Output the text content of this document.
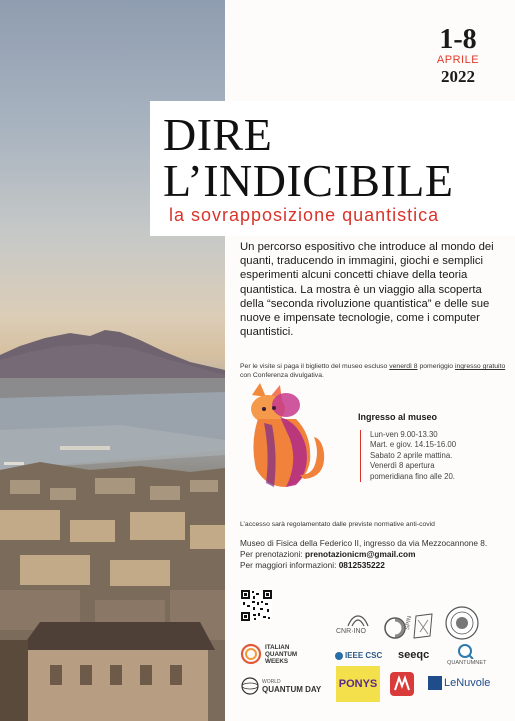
1-8
APRILE
2022
DIRE
L’INDICIBILE
la sovrapposizione quantistica
Un percorso espositivo che introduce al mondo dei quanti, traducendo in immagini, giochi e semplici esperimenti alcuni concetti chiave della teoria quantistica. La mostra è un viaggio alla scoperta della “seconda rivoluzione quantistica” e delle sue nuove e impensate tecnologie, come i computer quantistici.
Per le visite si paga il biglietto del museo escluso venerdì 8 pomeriggio ingresso gratuito con Conferenza divulgativa.
Ingresso al museo
Lun-ven 9.00-13.30
Mart. e giov. 14.15-16.00
Sabato 2 aprile mattina.
Venerdì 8 apertura
pomeridiana fino alle 20.
L’accesso sarà regolamentato dalle previste normative anti-covid
Museo di Fisica della Federico II, ingresso da via Mezzocannone 8.
Per prenotazioni: prenotazionicm@gmail.com
Per maggiori informazioni: 0812535222
CNR·INO
SPIN
ITALIAN
QUANTUM
WEEKS
IEEE CSC seeqc
QUANTUMNET
WORLD
QUANTUM DAY PONYS	LeNuvole
